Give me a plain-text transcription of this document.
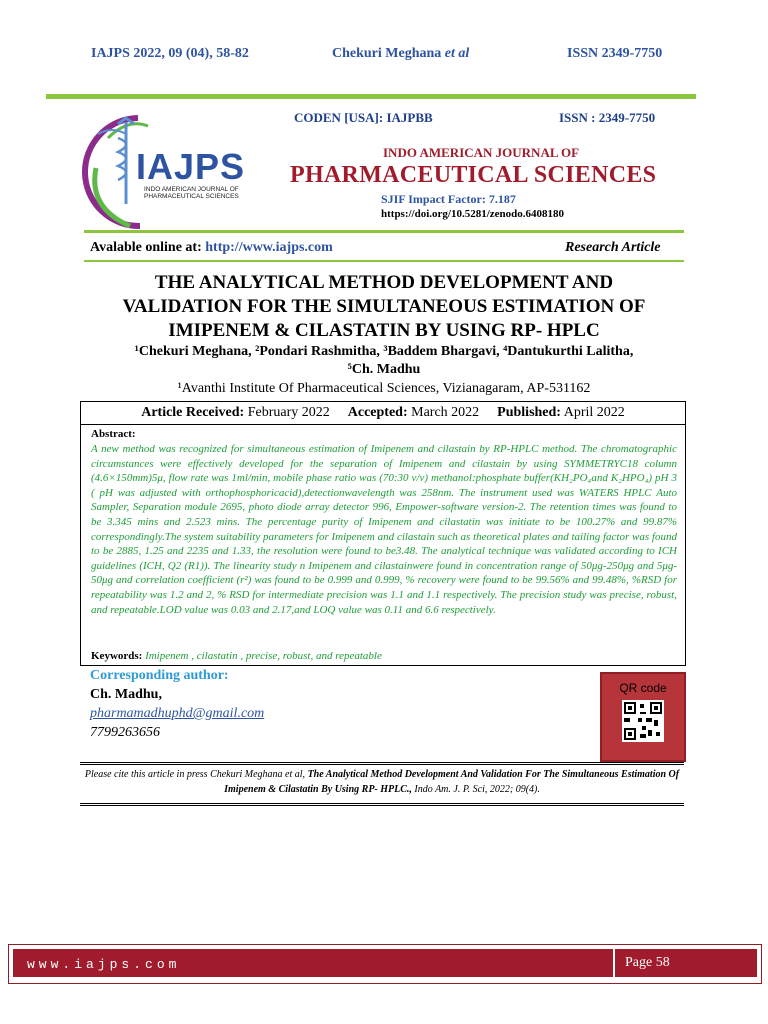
IAJPS 2022, 09 (04), 58-82	Chekuri Meghana et al	ISSN 2349-7750
IAJPS
INDO AMERICAN JOURNAL OF
PHARMACEUTICAL SCIENCES
CODEN [USA]: IAJPBB	ISSN : 2349-7750
INDO AMERICAN JOURNAL OF
PHARMACEUTICAL SCIENCES
SJIF Impact Factor: 7.187
https://doi.org/10.5281/zenodo.6408180
Avalable online at: http://www.iajps.com	Research Article
THE ANALYTICAL METHOD DEVELOPMENT AND
VALIDATION FOR THE SIMULTANEOUS ESTIMATION OF
IMIPENEM & CILASTATIN BY USING RP- HPLC
¹Chekuri Meghana, ²Pondari Rashmitha, ³Baddem Bhargavi, ⁴Dantukurthi Lalitha,
⁵Ch. Madhu
¹Avanthi Institute Of Pharmaceutical Sciences, Vizianagaram, AP-531162
Article Received: February 2022 Accepted: March 2022 Published: April 2022
Abstract:

A new method was recognized for simultaneous estimation of Imipenem and cilastain by RP-HPLC method. The chromatographic circumstances were effectively developed for the separation of Imipenem and cilastain by using SYMMETRYC18 column (4.6×150mm)5μ, flow rate was 1ml/min, mobile phase ratio was (70:30 v/v) methanol:phosphate buffer(KH₂PO₄and K₂HPO₄) pH 3 ( pH was adjusted with orthophosphoricacid),detectionwavelength was 258nm. The instrument used was WATERS HPLC Auto Sampler, Separation module 2695, photo diode array detector 996, Empower-software version-2. The retention times was found to be 3.345 mins and 2.523 mins. The percentage purity of Imipenem and cilastatin was initiate to be 100.27% and 99.87% correspondingly.The system suitability parameters for Imipenem and cilastain such as theoretical plates and tailing factor was found to be 2885, 1.25 and 2235 and 1.33, the resolution were found to be3.48. The analytical technique was validated according to ICH guidelines (ICH, Q2 (R1)). The linearity study n Imipenem and cilastainwere found in concentration range of 50μg-250μg and 5μg-50μg and correlation coefficient (r²) was found to be 0.999 and 0.999, % recovery were found to be 99.56% and 99.48%, %RSD for repeatability was 1.2 and 2, % RSD for intermediate precision was 1.1 and 1.1 respectively. The precision study was precise, robust, and repeatable.LOD value was 0.03 and 2.17,and LOQ value was 0.11 and 6.6 respectively.

Keywords: Imipenem , cilastatin , precise, robust, and repeatable
Corresponding author:
Ch. Madhu,
pharmamadhuphd@gmail.com
7799263656
QR code
Please cite this article in press Chekuri Meghana et al, The Analytical Method Development And Validation For The Simultaneous Estimation Of Imipenem & Cilastatin By Using RP- HPLC., Indo Am. J. P. Sci, 2022; 09(4).
www.iajps.com	Page 58
